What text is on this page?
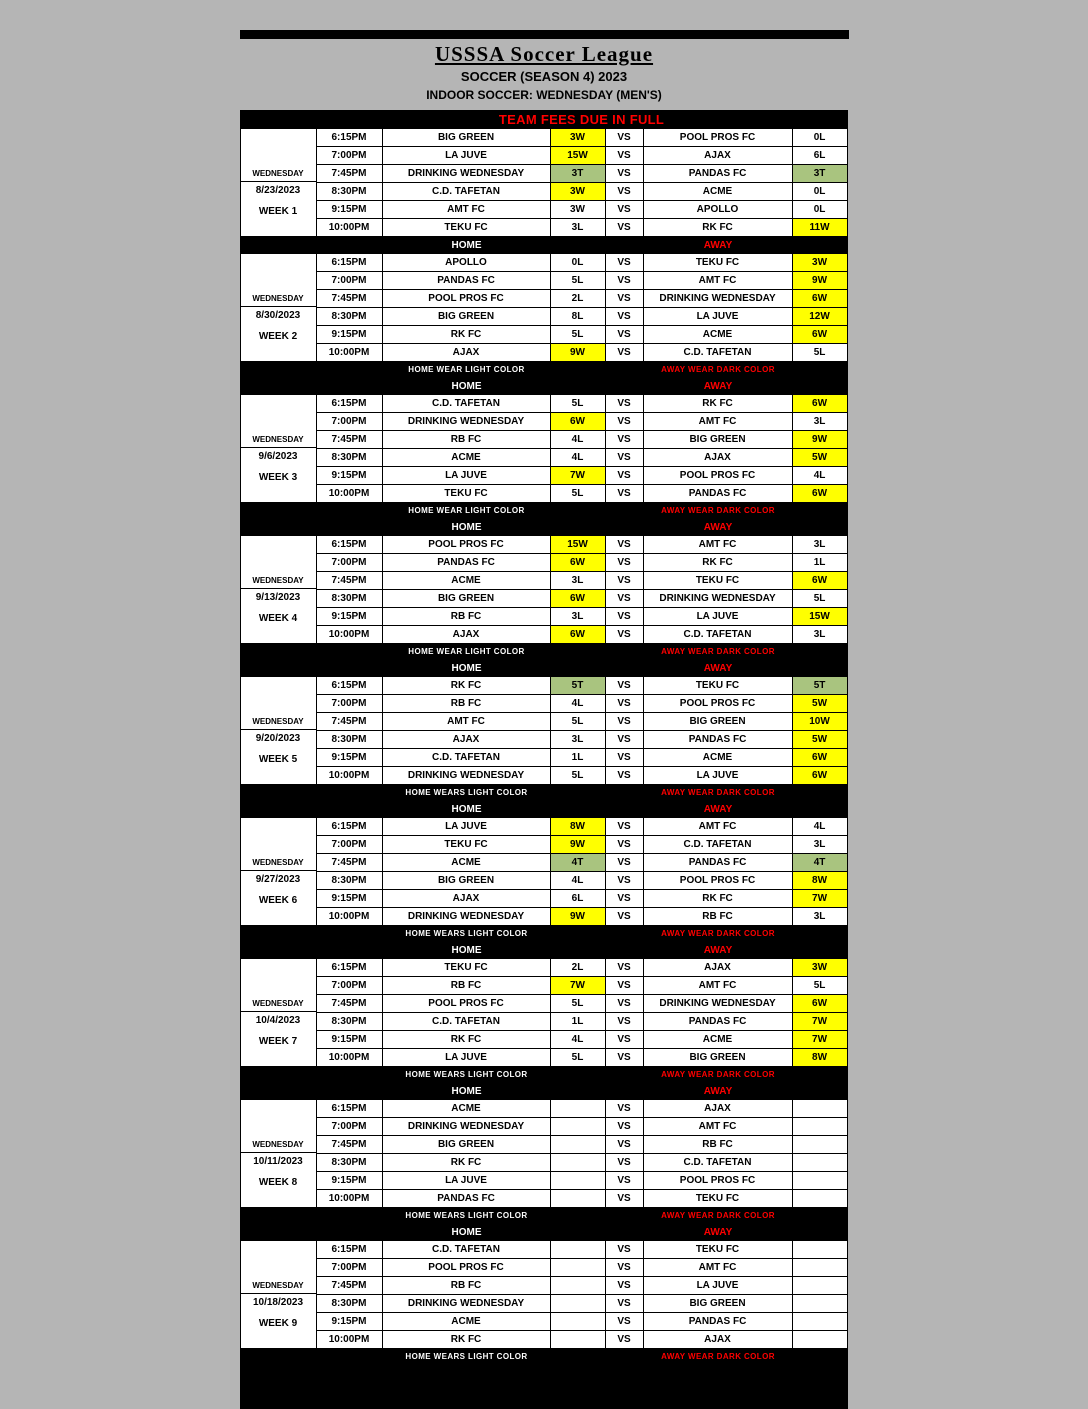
USSSA Soccer League
SOCCER (SEASON 4) 2023
INDOOR SOCCER: WEDNESDAY (MEN'S)
TEAM FEES DUE IN FULL						

WEDNESDAY
8/23/2023
WEEK 1	6:15PM	BIG GREEN	3W	VS	POOL PROS FC	0L
	7:00PM	LA JUVE	15W	VS	AJAX	6L
	7:45PM	DRINKING WEDNESDAY	3T	VS	PANDAS FC	3T
	8:30PM	C.D. TAFETAN	3W	VS	ACME	0L
	9:15PM	AMT FC	3W	VS	APOLLO	0L
	10:00PM	TEKU FC	3L	VS	RK FC	11W

HOME AWAY						

WEDNESDAY
8/30/2023
WEEK 2	6:15PM	APOLLO	0L	VS	TEKU FC	3W
	7:00PM	PANDAS FC	5L	VS	AMT FC	9W
	7:45PM	POOL PROS FC	2L	VS	DRINKING WEDNESDAY	6W
	8:30PM	BIG GREEN	8L	VS	LA JUVE	12W
	9:15PM	RK FC	5L	VS	ACME	6W
	10:00PM	AJAX	9W	VS	C.D. TAFETAN	5L

HOME WEAR LIGHT COLOR AWAY WEAR DARK COLOR						

HOME AWAY						

WEDNESDAY
9/6/2023
WEEK 3	6:15PM	C.D. TAFETAN	5L	VS	RK FC	6W
	7:00PM	DRINKING WEDNESDAY	6W	VS	AMT FC	3L
	7:45PM	RB FC	4L	VS	BIG GREEN	9W
	8:30PM	ACME	4L	VS	AJAX	5W
	9:15PM	LA JUVE	7W	VS	POOL PROS FC	4L
	10:00PM	TEKU FC	5L	VS	PANDAS FC	6W

HOME WEAR LIGHT COLOR AWAY WEAR DARK COLOR						

HOME AWAY						

WEDNESDAY
9/13/2023
WEEK 4	6:15PM	POOL PROS FC	15W	VS	AMT FC	3L
	7:00PM	PANDAS FC	6W	VS	RK FC	1L
	7:45PM	ACME	3L	VS	TEKU FC	6W
	8:30PM	BIG GREEN	6W	VS	DRINKING WEDNESDAY	5L
	9:15PM	RB FC	3L	VS	LA JUVE	15W
	10:00PM	AJAX	6W	VS	C.D. TAFETAN	3L

HOME WEAR LIGHT COLOR AWAY WEAR DARK COLOR						

HOME AWAY						

WEDNESDAY
9/20/2023
WEEK 5	6:15PM	RK FC	5T	VS	TEKU FC	5T
	7:00PM	RB FC	4L	VS	POOL PROS FC	5W
	7:45PM	AMT FC	5L	VS	BIG GREEN	10W
	8:30PM	AJAX	3L	VS	PANDAS FC	5W
	9:15PM	C.D. TAFETAN	1L	VS	ACME	6W
	10:00PM	DRINKING WEDNESDAY	5L	VS	LA JUVE	6W

HOME WEARS LIGHT COLOR AWAY WEAR DARK COLOR						

HOME AWAY						

WEDNESDAY
9/27/2023
WEEK 6	6:15PM	LA JUVE	8W	VS	AMT FC	4L
	7:00PM	TEKU FC	9W	VS	C.D. TAFETAN	3L
	7:45PM	ACME	4T	VS	PANDAS FC	4T
	8:30PM	BIG GREEN	4L	VS	POOL PROS FC	8W
	9:15PM	AJAX	6L	VS	RK FC	7W
	10:00PM	DRINKING WEDNESDAY	9W	VS	RB FC	3L

HOME WEARS LIGHT COLOR AWAY WEAR DARK COLOR						

HOME AWAY						

WEDNESDAY
10/4/2023
WEEK 7	6:15PM	TEKU FC	2L	VS	AJAX	3W
	7:00PM	RB FC	7W	VS	AMT FC	5L
	7:45PM	POOL PROS FC	5L	VS	DRINKING WEDNESDAY	6W
	8:30PM	C.D. TAFETAN	1L	VS	PANDAS FC	7W
	9:15PM	RK FC	4L	VS	ACME	7W
	10:00PM	LA JUVE	5L	VS	BIG GREEN	8W

HOME WEARS LIGHT COLOR AWAY WEAR DARK COLOR						

HOME AWAY						

WEDNESDAY
10/11/2023
WEEK 8	6:15PM	ACME		VS	AJAX	
	7:00PM	DRINKING WEDNESDAY		VS	AMT FC	
	7:45PM	BIG GREEN		VS	RB FC	
	8:30PM	RK FC		VS	C.D. TAFETAN	
	9:15PM	LA JUVE		VS	POOL PROS FC	
	10:00PM	PANDAS FC		VS	TEKU FC	

HOME WEARS LIGHT COLOR AWAY WEAR DARK COLOR						

HOME AWAY						

WEDNESDAY
10/18/2023
WEEK 9	6:15PM	C.D. TAFETAN		VS	TEKU FC	
	7:00PM	POOL PROS FC		VS	AMT FC	
	7:45PM	RB FC		VS	LA JUVE	
	8:30PM	DRINKING WEDNESDAY		VS	BIG GREEN	
	9:15PM	ACME		VS	PANDAS FC	
	10:00PM	RK FC		VS	AJAX	

HOME WEARS LIGHT COLOR AWAY WEAR DARK COLOR						
